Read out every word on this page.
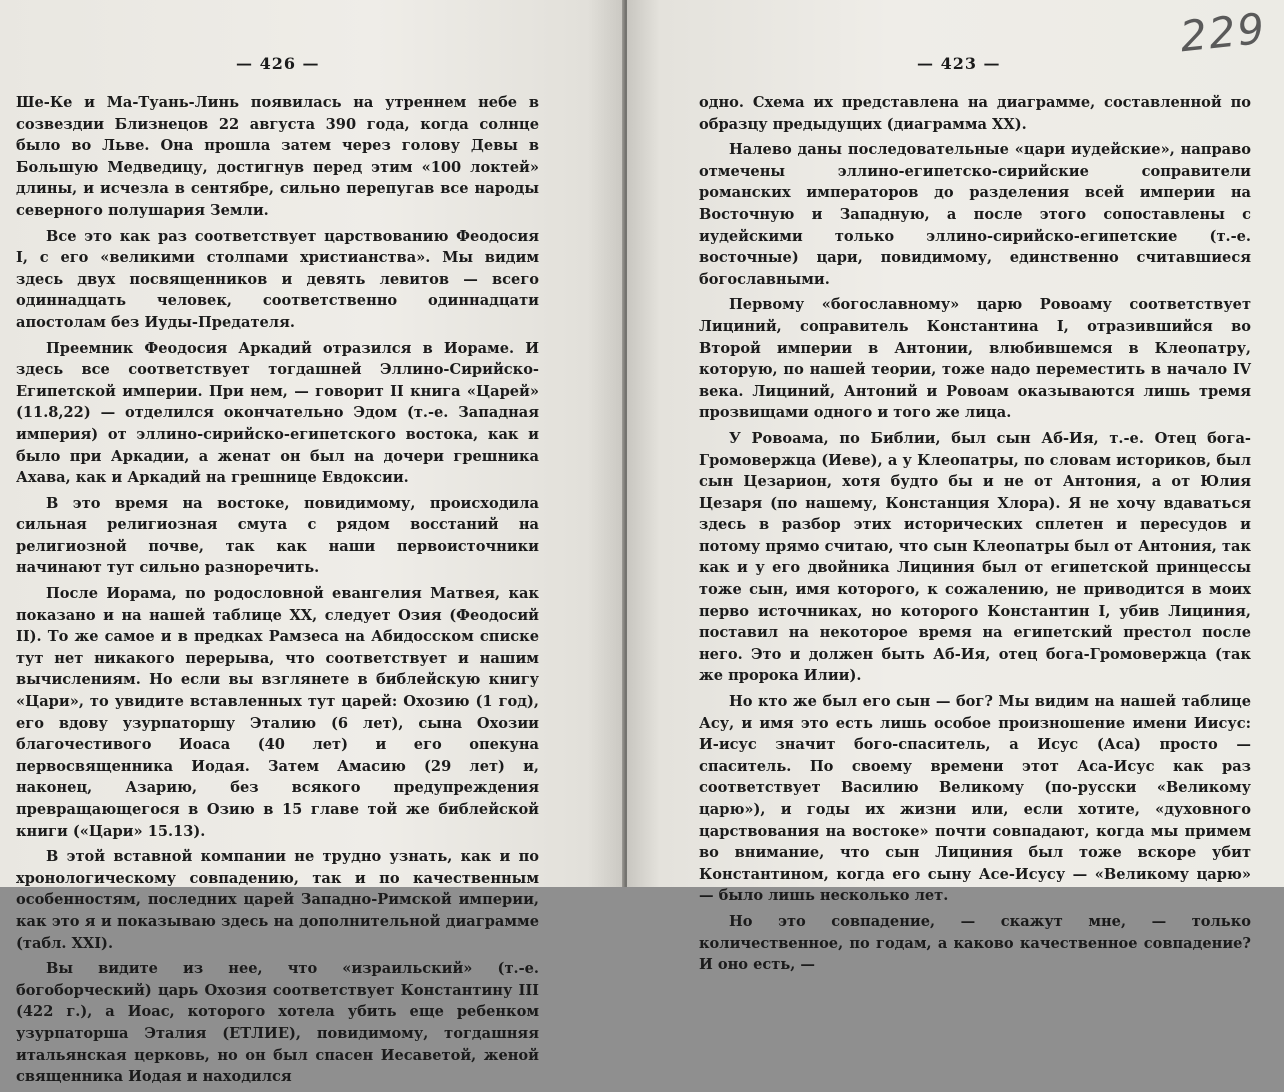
— 426 —

Ше-Ке и Ма-Туань-Линь появилась на утреннем небе в созвездии Близнецов 22 августа 390 года, когда солнце было во Льве. Она прошла затем через голову Девы в Большую Медведицу, достигнув перед этим «100 локтей» длины, и исчезла в сентябре, сильно перепугав все народы северного полушария Земли.

Все это как раз соответствует царствованию Феодосия I, с его «великими столпами христианства». Мы видим здесь двух посвященников и девять левитов — всего одиннадцать человек, соответственно одиннадцати апостолам без Иуды-Предателя.

Преемник Феодосия Аркадий отразился в Иораме. И здесь все соответствует тогдашней Эллино-Сирийско-Египетской империи. При нем, — говорит II книга «Царей» (11.8,22) — отделился окончательно Эдом (т.-е. Западная империя) от эллино-сирийско-египетского востока, как и было при Аркадии, а женат он был на дочери грешника Ахава, как и Аркадий на грешнице Евдоксии.

В это время на востоке, повидимому, происходила сильная религиозная смута с рядом восстаний на религиозной почве, так как наши первоисточники начинают тут сильно разноречить.

После Иорама, по родословной евангелия Матвея, как показано и на нашей таблице XX, следует Озия (Феодосий II). То же самое и в предках Рамзеса на Абидосском списке тут нет никакого перерыва, что соответствует и нашим вычислениям. Но если вы взглянете в библейскую книгу «Цари», то увидите вставленных тут царей: Охозию (1 год), его вдову узурпаторшу Эталию (6 лет), сына Охозии благочестивого Иоаса (40 лет) и его опекуна первосвященника Иодая. Затем Амасию (29 лет) и, наконец, Азарию, без всякого предупреждения превращающегося в Озию в 15 главе той же библейской книги («Цари» 15.13).

В этой вставной компании не трудно узнать, как и по хронологическому совпадению, так и по качественным особенностям, последних царей Западно-Римской империи, как это я и показываю здесь на дополнительной диаграмме (табл. XXI).

Вы видите из нее, что «израильский» (т.-е. богоборческий) царь Охозия соответствует Константину III (422 г.), а Иоас, которого хотела убить еще ребенком узурпаторша Эталия (ЕТЛИЕ), повидимому, тогдашняя итальянская церковь, но он был спасен Иесаветой, женой священника Иодая и находился

229
— 423 —

одно. Схема их представлена на диаграмме, составленной по образцу предыдущих (диаграмма XX).

Налево даны последовательные «цари иудейские», направо отмечены эллино-египетско-сирийские соправители романских императоров до разделения всей империи на Восточную и Западную, а после этого сопоставлены с иудейскими только эллино-сирийско-египетские (т.-е. восточные) цари, повидимому, единственно считавшиеся богославными.

Первому «богославному» царю Ровоаму соответствует Лициний, соправитель Константина I, отразившийся во Второй империи в Антонии, влюбившемся в Клеопатру, которую, по нашей теории, тоже надо переместить в начало IV века. Лициний, Антоний и Ровоам оказываются лишь тремя прозвищами одного и того же лица.

У Ровоама, по Библии, был сын Аб-Ия, т.-е. Отец бога-Громовержца (Иеве), а у Клеопатры, по словам историков, был сын Цезарион, хотя будто бы и не от Антония, а от Юлия Цезаря (по нашему, Констанция Хлора). Я не хочу вдаваться здесь в разбор этих исторических сплетен и пересудов и потому прямо считаю, что сын Клеопатры был от Антония, так как и у его двойника Лициния был от египетской принцессы тоже сын, имя которого, к сожалению, не приводится в моих перво источниках, но которого Константин I, убив Лициния, поставил на некоторое время на египетский престол после него. Это и должен быть Аб-Ия, отец бога-Громовержца (так же пророка Илии).

Но кто же был его сын — бог? Мы видим на нашей таблице Асу, и имя это есть лишь особое произношение имени Иисус: И-исус значит бого-спаситель, а Исус (Аса) просто — спаситель. По своему времени этот Аса-Исус как раз соответствует Василию Великому (по-русски «Великому царю»), и годы их жизни или, если хотите, «духовного царствования на востоке» почти совпадают, когда мы примем во внимание, что сын Лициния был тоже вскоре убит Константином, когда его сыну Асе-Исусу — «Великому царю» — было лишь несколько лет.

Но это совпадение, — скажут мне, — только количественное, по годам, а каково качественное совпадение? И оно есть, —
